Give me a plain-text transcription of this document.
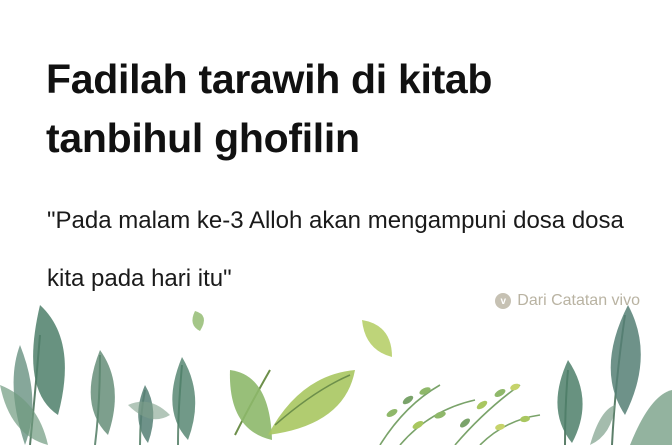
Fadilah tarawih di kitab tanbihul ghofilin
"Pada malam ke-3 Alloh akan mengampuni dosa dosa kita pada hari itu"
v Dari Catatan vivo
